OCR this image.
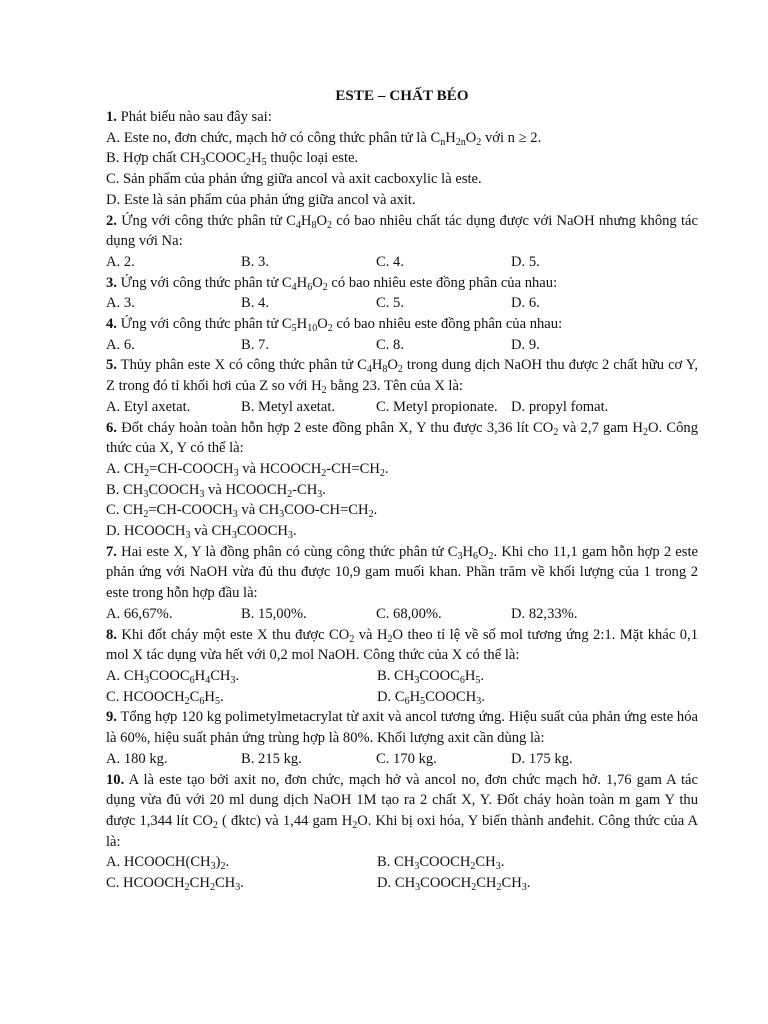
ESTE – CHẤT BÉO
1. Phát biểu nào sau đây sai:
A. Este no, đơn chức, mạch hở có công thức phân tử là $C_nH_{2n}O_2$ với n ≥ 2.
B. Hợp chất $CH_3COOC_2H_5$ thuộc loại este.
C. Sản phẩm của phản ứng giữa ancol và axit cacboxylic là este.
D. Este là sản phẩm của phản ứng giữa ancol và axit.
2. Ứng với công thức phân tử $C_4H_8O_2$ có bao nhiêu chất tác dụng được với NaOH nhưng không tác dụng với Na:
A. 2.	B. 3.	C. 4.	D. 5.
3. Ứng với công thức phân tử $C_4H_6O_2$ có bao nhiêu este đồng phân của nhau:
A. 3.	B. 4.	C. 5.	D. 6.
4. Ứng với công thức phân tử $C_5H_{10}O_2$ có bao nhiêu este đồng phân của nhau:
A. 6.	B. 7.	C. 8.	D. 9.
5. Thủy phân este X có công thức phân tử $C_4H_8O_2$ trong dung dịch NaOH thu được 2 chất hữu cơ Y, Z trong đó tỉ khối hơi của Z so với $H_2$ bằng 23. Tên của X là:
A. Etyl axetat.	B. Metyl axetat.	C. Metyl propionate. D. propyl fomat.
6. Đốt cháy hoàn toàn hỗn hợp 2 este đồng phân X, Y thu được 3,36 lít $CO_2$ và 2,7 gam $H_2O$. Công thức của X, Y có thể là:
A. $CH_2=CH-COOCH_3$ và $HCOOCH_2-CH=CH_2$.
B. $CH_3COOCH_3$ và $HCOOCH_2-CH_3$.
C. $CH_2=CH-COOCH_3$ và $CH_3COO-CH=CH_2$.
D. $HCOOCH_3$ và $CH_3COOCH_3$.
7. Hai este X, Y là đồng phân có cùng công thức phân tử $C_3H_6O_2$. Khi cho 11,1 gam hỗn hợp 2 este phản ứng với NaOH vừa đủ thu được 10,9 gam muối khan. Phần trăm về khối lượng của 1 trong 2 este trong hỗn hợp đầu là:
A. 66,67%.	B. 15,00%.	C. 68,00%.	D. 82,33%.
8. Khi đốt cháy một este X thu được $CO_2$ và $H_2O$ theo tỉ lệ về số mol tương ứng 2:1. Mặt khác 0,1 mol X tác dụng vừa hết với 0,2 mol NaOH. Công thức của X có thể là:
A. $CH_3COOC_6H_4CH_3$.	B. $CH_3COOC_6H_5$.
C. $HCOOCH_2C_6H_5$.	D. $C_6H_5COOCH_3$.
9. Tổng hợp 120 kg polimetylmetacrylat từ axit và ancol tương ứng. Hiệu suất của phản ứng este hóa là 60%, hiệu suất phản ứng trùng hợp là 80%. Khối lượng axit cần dùng là:
A. 180 kg.	B. 215 kg.	C. 170 kg.	D. 175 kg.
10. A là este tạo bởi axit no, đơn chức, mạch hở và ancol no, đơn chức mạch hở. 1,76 gam A tác dụng vừa đủ với 20 ml dung dịch NaOH 1M tạo ra 2 chất X, Y. Đốt cháy hoàn toàn m gam Y thu được 1,344 lít $CO_2$ ( đktc) và 1,44 gam $H_2O$. Khi bị oxi hóa, Y biến thành anđehit. Công thức của A là:
A. $HCOOCH(CH_3)_2$.	B. $CH_3COOCH_2CH_3$.
C. $HCOOCH_2CH_2CH_3$.	D. $CH_3COOCH_2CH_2CH_3$.
